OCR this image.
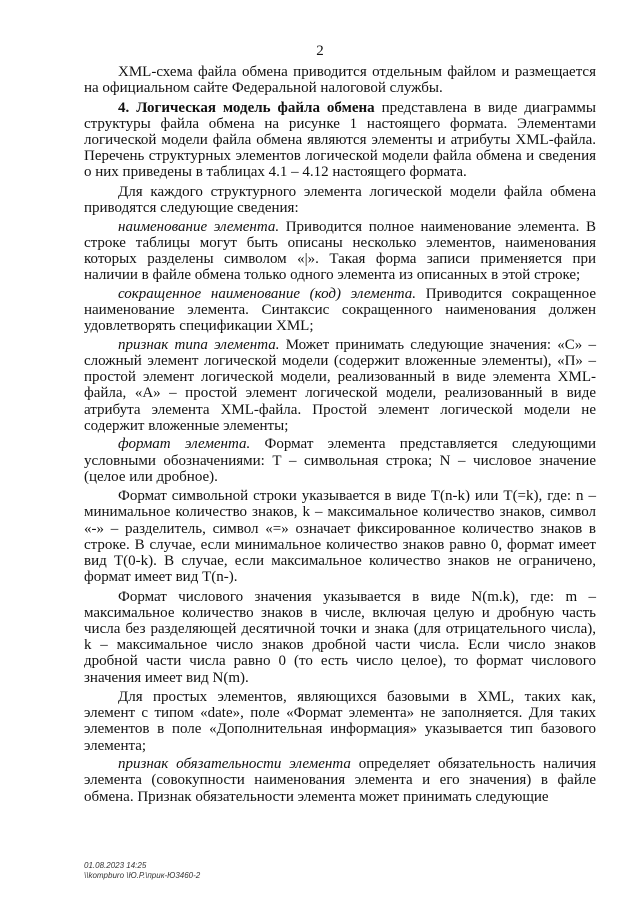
2

XML-схема файла обмена приводится отдельным файлом и размещается на официальном сайте Федеральной налоговой службы.

4. Логическая модель файла обмена представлена в виде диаграммы структуры файла обмена на рисунке 1 настоящего формата. Элементами логической модели файла обмена являются элементы и атрибуты XML-файла. Перечень структурных элементов логической модели файла обмена и сведения о них приведены в таблицах 4.1 – 4.12 настоящего формата.

Для каждого структурного элемента логической модели файла обмена приводятся следующие сведения:

наименование элемента. Приводится полное наименование элемента. В строке таблицы могут быть описаны несколько элементов, наименования которых разделены символом «|». Такая форма записи применяется при наличии в файле обмена только одного элемента из описанных в этой строке;

сокращенное наименование (код) элемента. Приводится сокращенное наименование элемента. Синтаксис сокращенного наименования должен удовлетворять спецификации XML;

признак типа элемента. Может принимать следующие значения: «С» – сложный элемент логической модели (содержит вложенные элементы), «П» – простой элемент логической модели, реализованный в виде элемента XML-файла, «А» – простой элемент логической модели, реализованный в виде атрибута элемента XML-файла. Простой элемент логической модели не содержит вложенные элементы;

формат элемента. Формат элемента представляется следующими условными обозначениями: Т – символьная строка; N – числовое значение (целое или дробное).

Формат символьной строки указывается в виде T(n-k) или T(=k), где: n – минимальное количество знаков, k – максимальное количество знаков, символ «-» – разделитель, символ «=» означает фиксированное количество знаков в строке. В случае, если минимальное количество знаков равно 0, формат имеет вид T(0-k). В случае, если максимальное количество знаков не ограничено, формат имеет вид T(n-).

Формат числового значения указывается в виде N(m.k), где: m – максимальное количество знаков в числе, включая целую и дробную часть числа без разделяющей десятичной точки и знака (для отрицательного числа), k – максимальное число знаков дробной части числа. Если число знаков дробной части числа равно 0 (то есть число целое), то формат числового значения имеет вид N(m).

Для простых элементов, являющихся базовыми в XML, таких как, элемент с типом «date», поле «Формат элемента» не заполняется. Для таких элементов в поле «Дополнительная информация» указывается тип базового элемента;

признак обязательности элемента определяет обязательность наличия элемента (совокупности наименования элемента и его значения) в файле обмена. Признак обязательности элемента может принимать следующие

01.08.2023 14:25
\\kompburo \Ю.Р.\прик-Ю3460-2
